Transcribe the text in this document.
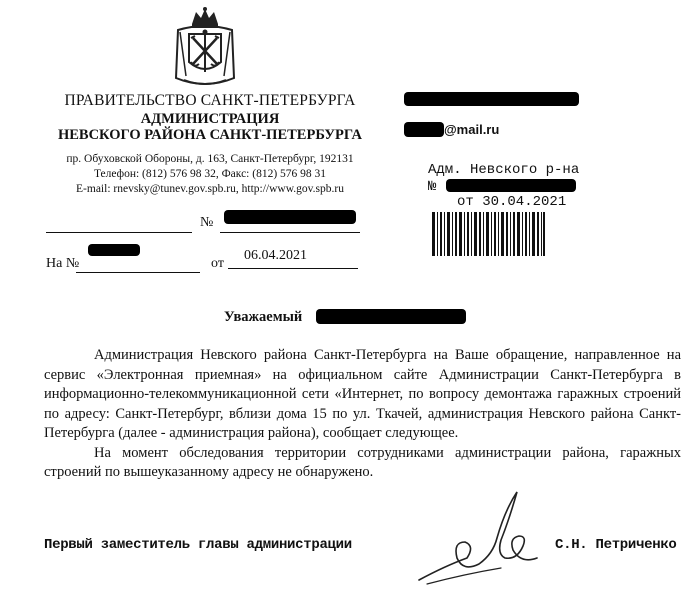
ПРАВИТЕЛЬСТВО САНКТ-ПЕТЕРБУРГА
АДМИНИСТРАЦИЯ
НЕВСКОГО РАЙОНА САНКТ-ПЕТЕРБУРГА
пр. Обуховской Обороны, д. 163, Санкт-Петербург, 192131
Телефон: (812) 576 98 32, Факс: (812) 576 98 31
E-mail: rnevsky@tunev.gov.spb.ru, http://www.gov.spb.ru
@mail.ru
Адм. Невского р-на
№
от 30.04.2021
№
На №	от
06.04.2021
Уважаемый

Администрация Невского района Санкт-Петербурга на Ваше обращение, направленное на сервис «Электронная приемная» на официальном сайте Администрации Санкт-Петербурга в информационно-телекоммуникационной сети «Интернет, по вопросу демонтажа гаражных строений по адресу: Санкт-Петербург, вблизи дома 15 по ул. Ткачей, администрация Невского района Санкт-Петербурга (далее - администрация района), сообщает следующее.

На момент обследования территории сотрудниками администрации района, гаражных строений по вышеуказанному адресу не обнаружено.

Первый заместитель главы администрации	С.Н. Петриченко
